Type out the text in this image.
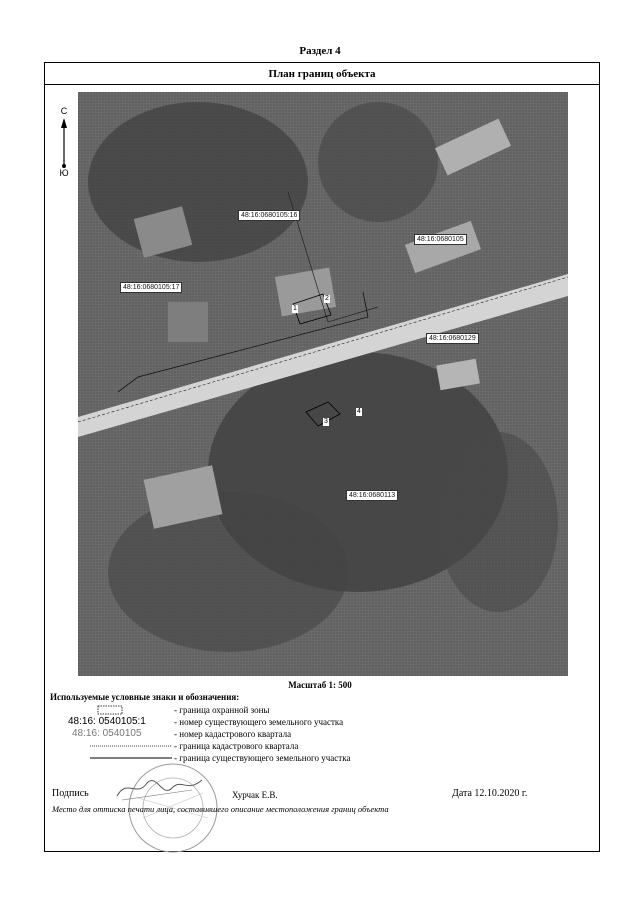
Раздел 4
План границ объекта
С
Ю
48:16:0680105:16
48:16:0680105
48:16:0680105:17
48:16:0680129
48:16:0680113
1
2
3
4
Масштаб 1: 500
Используемые условные знаки и обозначения:
- граница охранной зоны
48:16: 0540105:1	- номер существующего земельного участка
48:16: 0540105	- номер кадастрового квартала
- граница кадастрового квартала
- граница существующего земельного участка
Подпись	Хурчак Е.В.	Дата 12.10.2020 г.
Место для оттиска печати лица, составившего описание местоположения границ объекта
